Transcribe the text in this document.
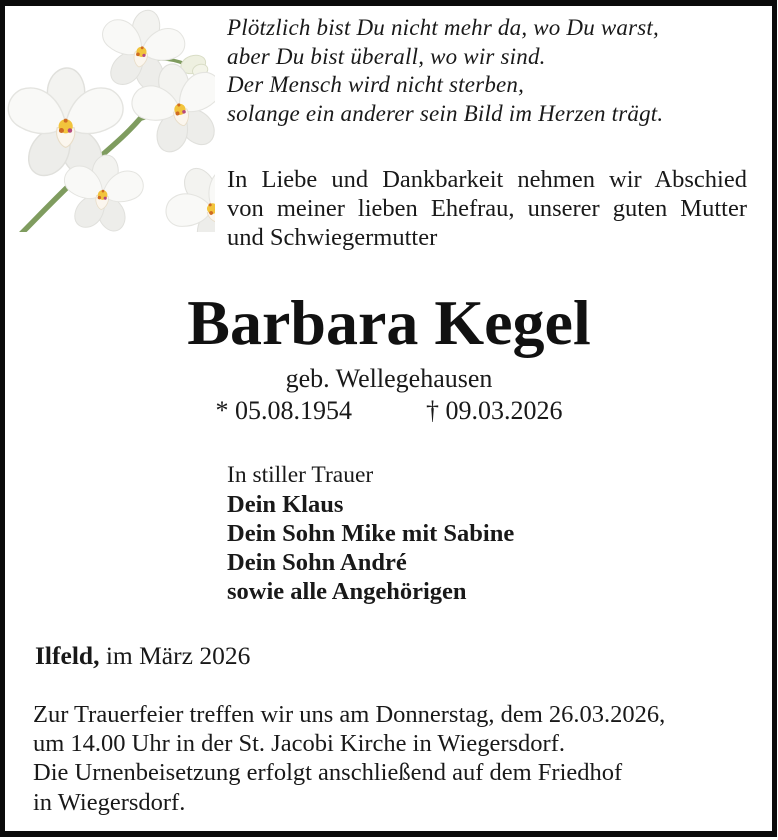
Plötzlich bist Du nicht mehr da, wo Du warst,
aber Du bist überall, wo wir sind.
Der Mensch wird nicht sterben,
solange ein anderer sein Bild im Herzen trägt.
In Liebe und Dankbarkeit nehmen wir Abschied
von meiner lieben Ehefrau, unserer guten Mutter
und Schwiegermutter
Barbara Kegel
geb. Wellegehausen
* 05.08.1954	† 09.03.2026
In stiller Trauer
Dein Klaus
Dein Sohn Mike mit Sabine
Dein Sohn André
sowie alle Angehörigen
Ilfeld, im März 2026
Zur Trauerfeier treffen wir uns am Donnerstag, dem 26.03.2026,
um 14.00 Uhr in der St. Jacobi Kirche in Wiegersdorf.
Die Urnenbeisetzung erfolgt anschließend auf dem Friedhof
in Wiegersdorf.
